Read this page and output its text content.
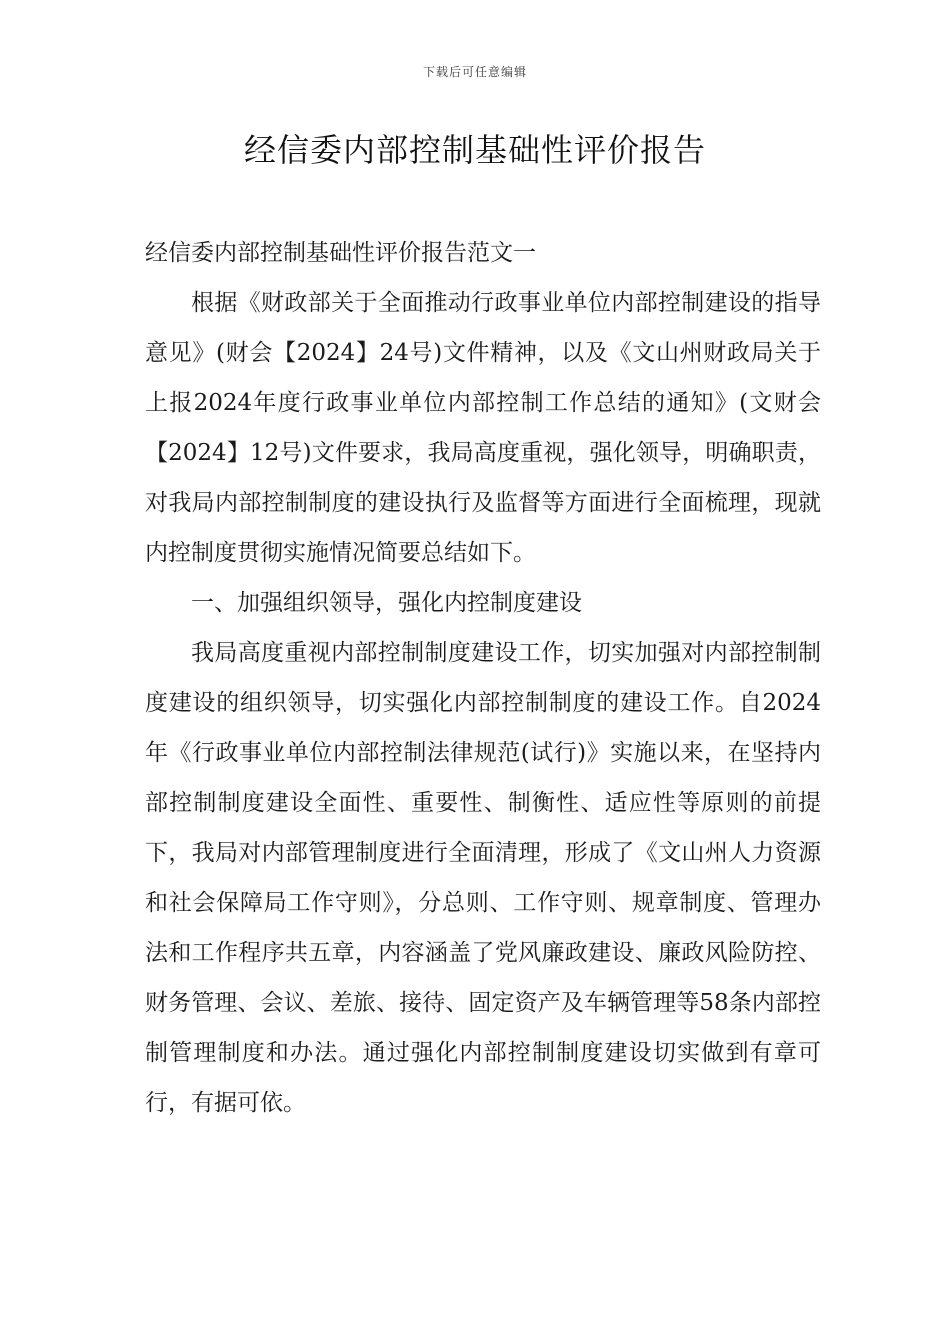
下载后可任意编辑
经信委内部控制基础性评价报告

经信委内部控制基础性评价报告范文一

根据《财政部关于全面推动行政事业单位内部控制建设的指导意见》(财会【2024】24号)文件精神，以及《文山州财政局关于上报2024年度行政事业单位内部控制工作总结的通知》(文财会【2024】12号)文件要求，我局高度重视，强化领导，明确职责，对我局内部控制制度的建设执行及监督等方面进行全面梳理，现就内控制度贯彻实施情况简要总结如下。

一、加强组织领导，强化内控制度建设

我局高度重视内部控制制度建设工作，切实加强对内部控制制度建设的组织领导，切实强化内部控制制度的建设工作。自2024年《行政事业单位内部控制法律规范(试行)》实施以来，在坚持内部控制制度建设全面性、重要性、制衡性、适应性等原则的前提下，我局对内部管理制度进行全面清理，形成了《文山州人力资源和社会保障局工作守则》，分总则、工作守则、规章制度、管理办法和工作程序共五章，内容涵盖了党风廉政建设、廉政风险防控、财务管理、会议、差旅、接待、固定资产及车辆管理等58条内部控制管理制度和办法。通过强化内部控制制度建设切实做到有章可行，有据可依。
